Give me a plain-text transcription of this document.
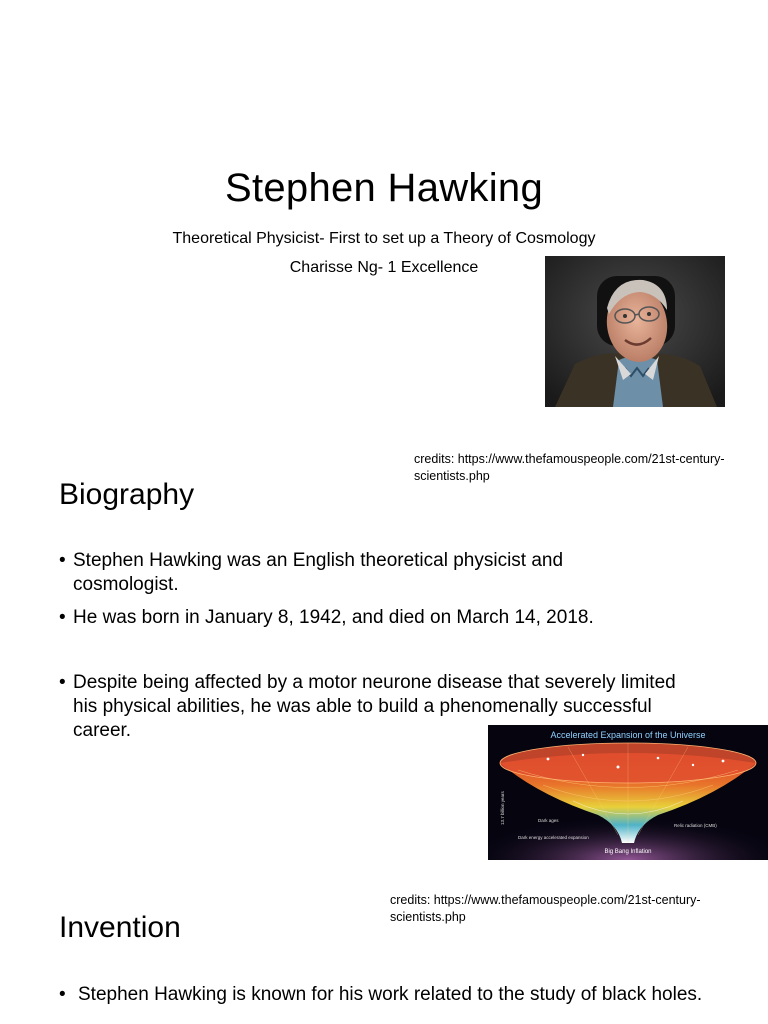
Stephen Hawking
Theoretical Physicist- First to set up a Theory of Cosmology
Charisse Ng- 1 Excellence
credits: https://www.thefamouspeople.com/21st-century-scientists.php
Biography
• Stephen Hawking was an English theoretical physicist and cosmologist.
• He was born in January 8, 1942, and died on March 14, 2018.
• Despite being affected by a motor neurone disease that severely limited his physical abilities, he was able to build a phenomenally successful career.	Accelerated Expansion of the Universe
Dark ages
Dark energy accelerated expansion
Relic radiation (CMB)
Big Bang Inflation
13.7 billion years
credits: https://www.thefamouspeople.com/21st-century-scientists.php
Invention
• Stephen Hawking is known for his work related to the study of black holes.
